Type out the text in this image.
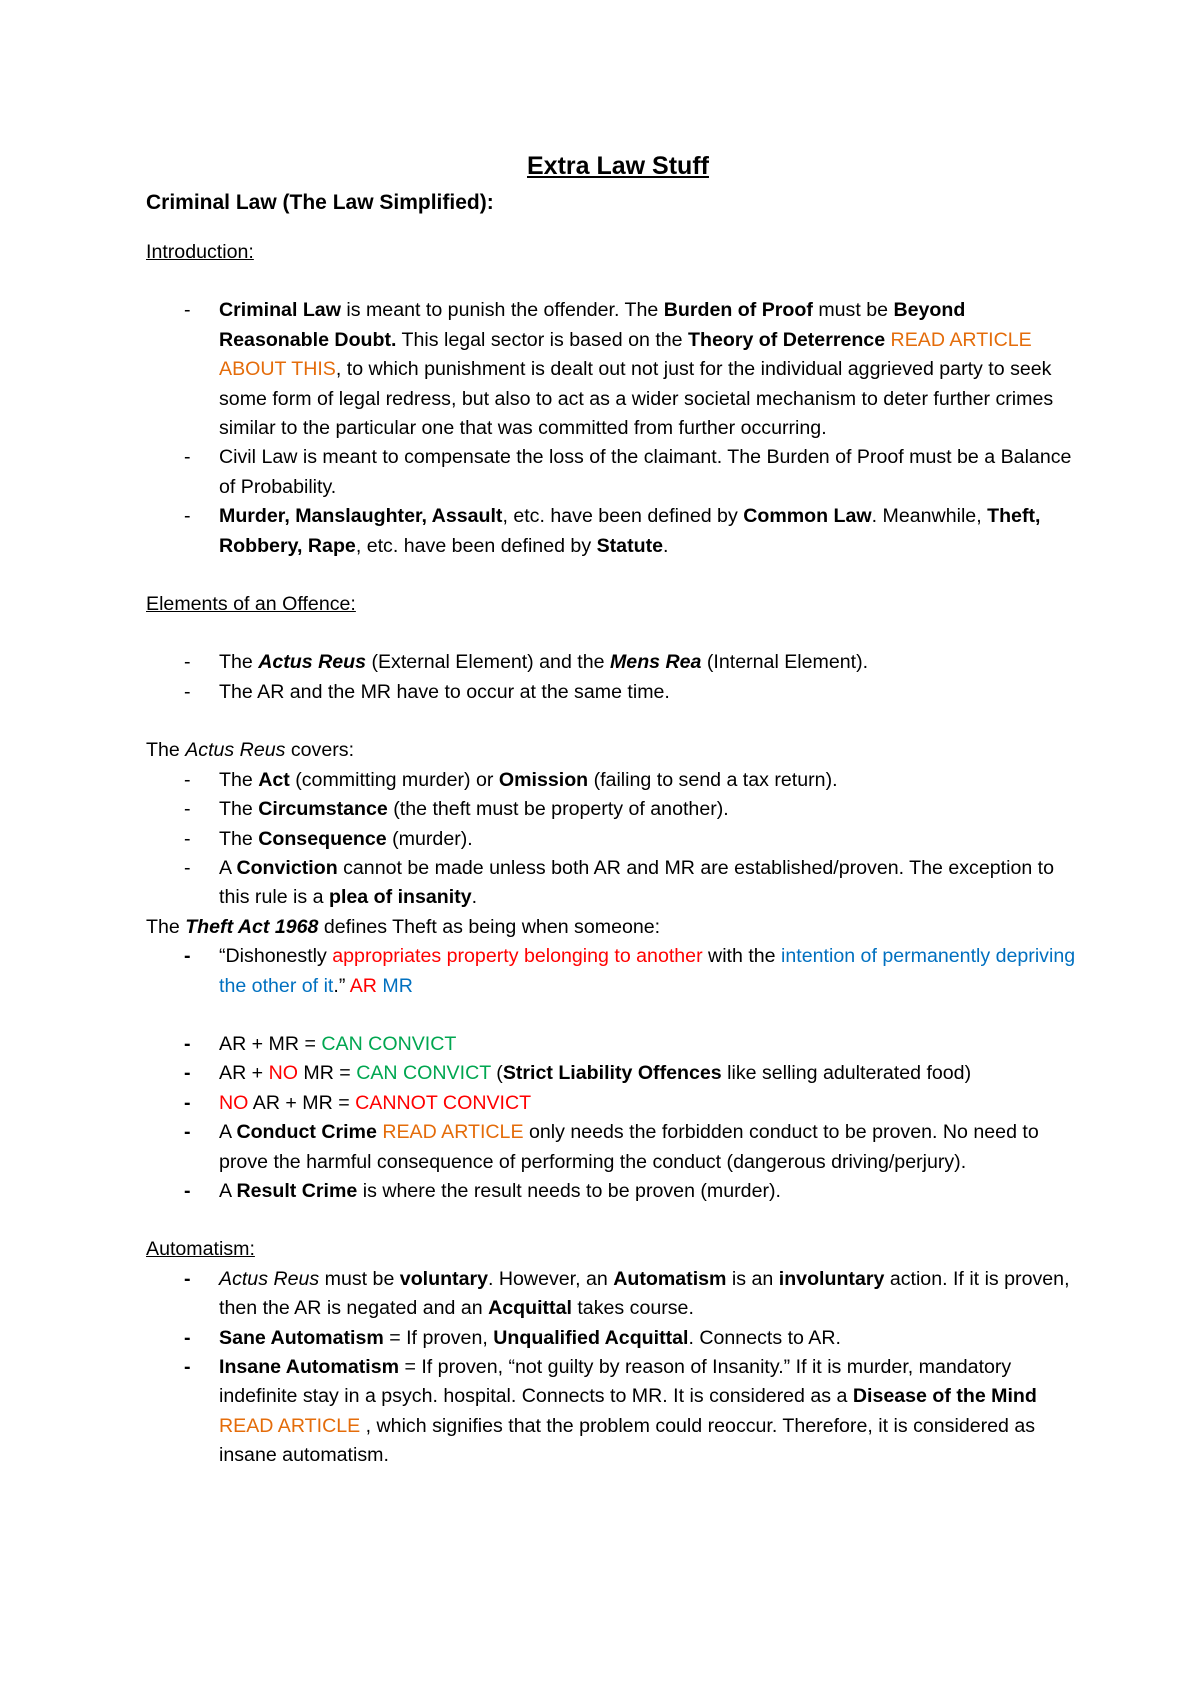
Extra Law Stuff
Criminal Law (The Law Simplified):
Introduction:
- Criminal Law is meant to punish the offender. The Burden of Proof must be Beyond Reasonable Doubt. This legal sector is based on the Theory of Deterrence READ ARTICLE ABOUT THIS, to which punishment is dealt out not just for the individual aggrieved party to seek some form of legal redress, but also to act as a wider societal mechanism to deter further crimes similar to the particular one that was committed from further occurring.
- Civil Law is meant to compensate the loss of the claimant. The Burden of Proof must be a Balance of Probability.
- Murder, Manslaughter, Assault, etc. have been defined by Common Law. Meanwhile, Theft, Robbery, Rape, etc. have been defined by Statute.
Elements of an Offence:
- The Actus Reus (External Element) and the Mens Rea (Internal Element).
- The AR and the MR have to occur at the same time.
The Actus Reus covers:
- The Act (committing murder) or Omission (failing to send a tax return).
- The Circumstance (the theft must be property of another).
- The Consequence (murder).
- A Conviction cannot be made unless both AR and MR are established/proven. The exception to this rule is a plea of insanity.
The Theft Act 1968 defines Theft as being when someone:
- “Dishonestly appropriates property belonging to another with the intention of permanently depriving the other of it.” AR MR
- AR + MR = CAN CONVICT
- AR + NO MR = CAN CONVICT (Strict Liability Offences like selling adulterated food)
- NO AR + MR = CANNOT CONVICT
- A Conduct Crime READ ARTICLE only needs the forbidden conduct to be proven. No need to prove the harmful consequence of performing the conduct (dangerous driving/perjury).
- A Result Crime is where the result needs to be proven (murder).
Automatism:
- Actus Reus must be voluntary. However, an Automatism is an involuntary action. If it is proven, then the AR is negated and an Acquittal takes course.
- Sane Automatism = If proven, Unqualified Acquittal. Connects to AR.
- Insane Automatism = If proven, “not guilty by reason of Insanity.” If it is murder, mandatory indefinite stay in a psych. hospital. Connects to MR. It is considered as a Disease of the Mind READ ARTICLE , which signifies that the problem could reoccur. Therefore, it is considered as insane automatism.
